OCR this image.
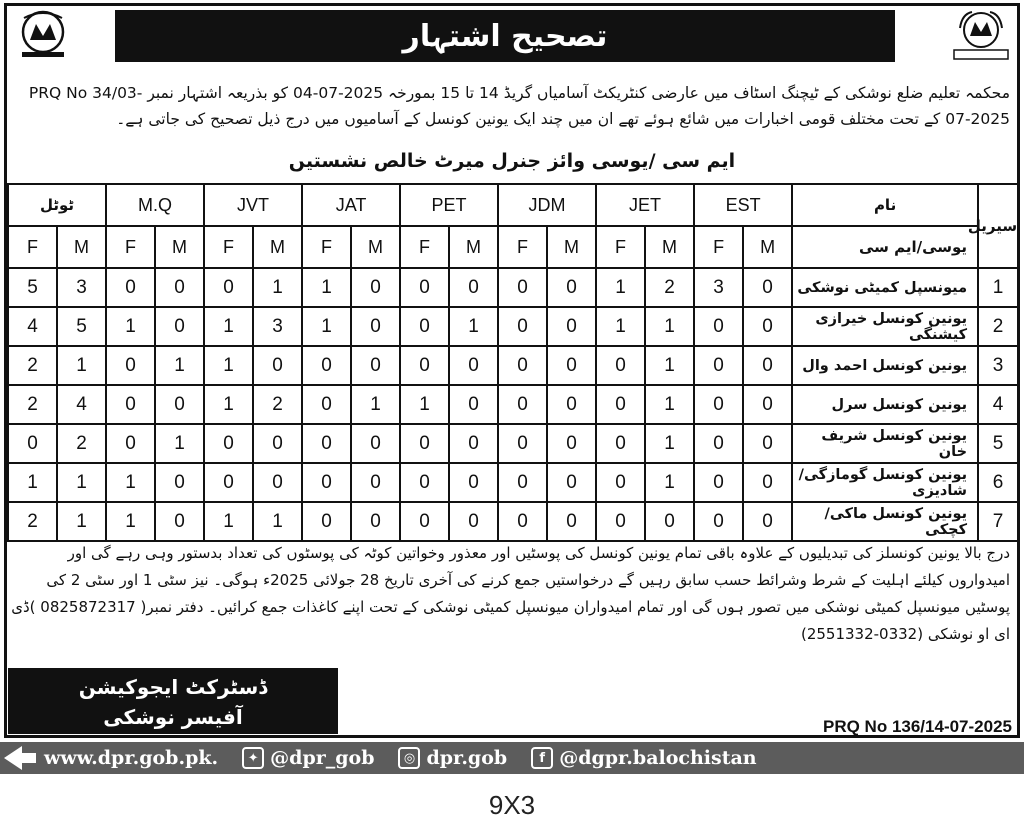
تصحیح اشتہار
محکمہ تعلیم ضلع نوشکی کے ٹیچنگ اسٹاف میں عارضی کنٹریکٹ آسامیاں گریڈ 14 تا 15 بمورخہ 2025-07-04 کو بذریعہ اشتہار نمبر PRQ No 34/03-07-2025 کے تحت مختلف قومی اخبارات میں شائع ہوئے تھے ان میں چند ایک یونین کونسل کے آسامیوں میں درج ذیل تصحیح کی جاتی ہے۔
ایم سی /یوسی وائز جنرل میرٹ خالص نشستیں
ٹوٹل		M.Q		JVT		JAT		PET		JDM		JET		EST		نام	سیریل
F	M	F	M	F	M	F	M	F	M	F	M	F	M	F	M	یوسی/ایم سی	
5	3	0	0	0	1	1	0	0	0	0	0	1	2	3	0	میونسپل کمیٹی نوشکی	1
4	5	1	0	1	3	1	0	0	1	0	0	1	1	0	0	یونین کونسل خیرازی کیشنگی	2
2	1	0	1	1	0	0	0	0	0	0	0	0	1	0	0	یونین کونسل احمد وال	3
2	4	0	0	1	2	0	1	1	0	0	0	0	1	0	0	یونین کونسل سرل	4
0	2	0	1	0	0	0	0	0	0	0	0	0	1	0	0	یونین کونسل شریف خان	5
1	1	1	0	0	0	0	0	0	0	0	0	0	1	0	0	یونین کونسل گومازگی/شادیزی	6
2	1	1	0	1	1	0	0	0	0	0	0	0	0	0	0	یونین کونسل ماکی/ کچکی	7
درج بالا یونین کونسلز کی تبدیلیوں کے علاوہ باقی تمام یونین کونسل کی پوسٹیں اور معذور وخواتین کوٹہ کی پوسٹوں کی تعداد بدستور وہی رہے گی اور امیدواروں کیلئے اہلیت کے شرط وشرائط حسب سابق رہیں گے درخواستیں جمع کرنے کی آخری تاریخ 28 جولائی 2025ء ہوگی۔ نیز سٹی 1 اور سٹی 2 کی پوسٹیں میونسپل کمیٹی نوشکی میں تصور ہوں گی اور تمام امیدواران میونسپل کمیٹی نوشکی کے تحت اپنے کاغذات جمع کرائیں۔ دفتر نمبر( 0825872317 )ڈی ای او نوشکی (0332-2551332)
ڈسٹرکٹ ایجوکیشن
آفیسر نوشکی	PRQ No 136/14-07-2025
www.dpr.gob.pk.	✦ @dpr_gob	◎ dpr.gob	f @dgpr.balochistan
9X3
